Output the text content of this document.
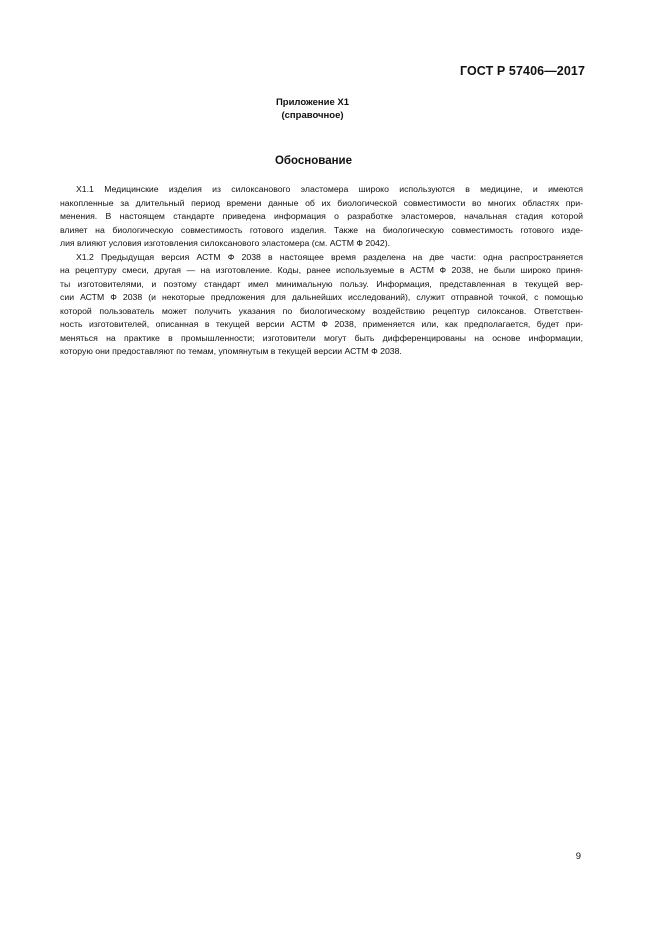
ГОСТ Р 57406—2017
Приложение Х1
(справочное)
Обоснование
Х1.1 Медицинские изделия из силоксанового эластомера широко используются в медицине, и имеются
накопленные за длительный период времени данные об их биологической совместимости во многих областях при-
менения. В настоящем стандарте приведена информация о разработке эластомеров, начальная стадия которой
влияет на биологическую совместимость готового изделия. Также на биологическую совместимость готового изде-
лия влияют условия изготовления силоксанового эластомера (см. АСТМ Ф 2042).
Х1.2 Предыдущая версия АСТМ Ф 2038 в настоящее время разделена на две части: одна распространяется
на рецептуру смеси, другая — на изготовление. Коды, ранее используемые в АСТМ Ф 2038, не были широко приня-
ты изготовителями, и поэтому стандарт имел минимальную пользу. Информация, представленная в текущей вер-
сии АСТМ Ф 2038 (и некоторые предложения для дальнейших исследований), служит отправной точкой, с помощью
которой пользователь может получить указания по биологическому воздействию рецептур силоксанов. Ответствен-
ность изготовителей, описанная в текущей версии АСТМ Ф 2038, применяется или, как предполагается, будет при-
меняться на практике в промышленности; изготовители могут быть дифференцированы на основе информации,
которую они предоставляют по темам, упомянутым в текущей версии АСТМ Ф 2038.
9
